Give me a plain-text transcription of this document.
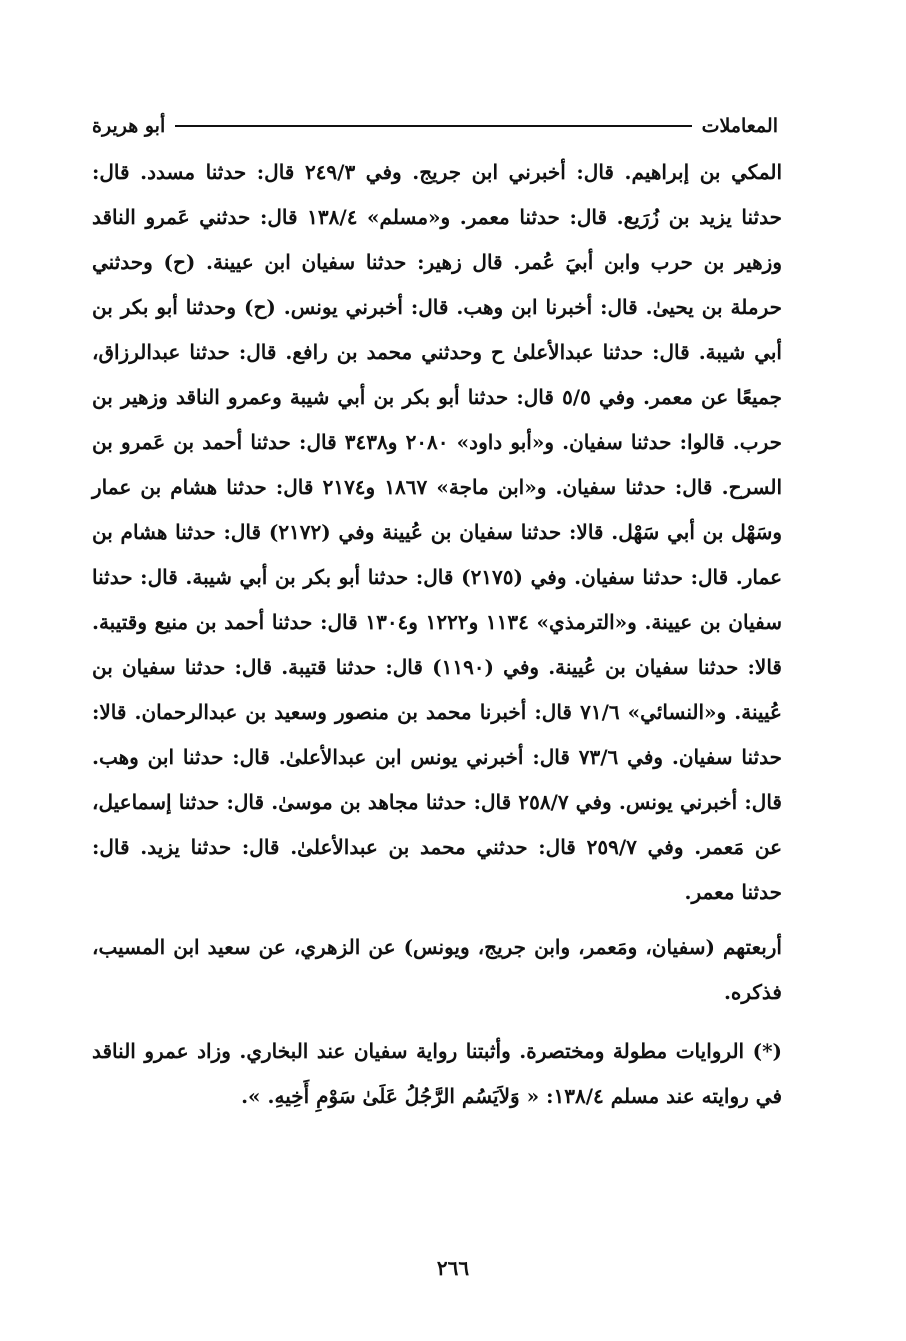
المعاملات
أبو هريرة

المكي بن إبراهيم. قال: أخبرني ابن جريج. وفي ٢٤٩/٣ قال: حدثنا مسدد. قال: حدثنا يزيد بن زُرَيع. قال: حدثنا معمر. و«مسلم» ١٣٨/٤ قال: حدثني عَمرو الناقد وزهير بن حرب وابن أبيَ عُمر. قال زهير: حدثنا سفيان ابن عيينة. (ح) وحدثني حرملة بن يحيىٰ. قال: أخبرنا ابن وهب. قال: أخبرني يونس. (ح) وحدثنا أبو بكر بن أبي شيبة. قال: حدثنا عبدالأعلىٰ ح وحدثني محمد بن رافع. قال: حدثنا عبدالرزاق، جميعًا عن معمر. وفي ٥/٥ قال: حدثنا أبو بكر بن أبي شيبة وعمرو الناقد وزهير بن حرب. قالوا: حدثنا سفيان. و«أبو داود» ٢٠٨٠ و٣٤٣٨ قال: حدثنا أحمد بن عَمرو بن السرح. قال: حدثنا سفيان. و«ابن ماجة» ١٨٦٧ و٢١٧٤ قال: حدثنا هشام بن عمار وسَهْل بن أبي سَهْل. قالا: حدثنا سفيان بن عُيينة وفي (٢١٧٢) قال: حدثنا هشام بن عمار. قال: حدثنا سفيان. وفي (٢١٧٥) قال: حدثنا أبو بكر بن أبي شيبة. قال: حدثنا سفيان بن عيينة. و«الترمذي» ١١٣٤ و١٢٢٢ و١٣٠٤ قال: حدثنا أحمد بن منيع وقتيبة. قالا: حدثنا سفيان بن عُيينة. وفي (١١٩٠) قال: حدثنا قتيبة. قال: حدثنا سفيان بن عُيينة. و«النسائي» ٧١/٦ قال: أخبرنا محمد بن منصور وسعيد بن عبدالرحمان. قالا: حدثنا سفيان. وفي ٧٣/٦ قال: أخبرني يونس ابن عبدالأعلىٰ. قال: حدثنا ابن وهب. قال: أخبرني يونس. وفي ٢٥٨/٧ قال: حدثنا مجاهد بن موسىٰ. قال: حدثنا إسماعيل، عن مَعمر. وفي ٢٥٩/٧ قال: حدثني محمد بن عبدالأعلىٰ. قال: حدثنا يزيد. قال: حدثنا معمر.

أربعتهم (سفيان، ومَعمر، وابن جريج، ويونس) عن الزهري، عن سعيد ابن المسيب، فذكره.

(*) الروايات مطولة ومختصرة. وأثبتنا رواية سفيان عند البخاري. وزاد عمرو الناقد في روايته عند مسلم ١٣٨/٤: « وَلاَيَسُم الرَّجُلُ عَلَىٰ سَوْمِ أَخِيهِ. ».

٢٦٦
